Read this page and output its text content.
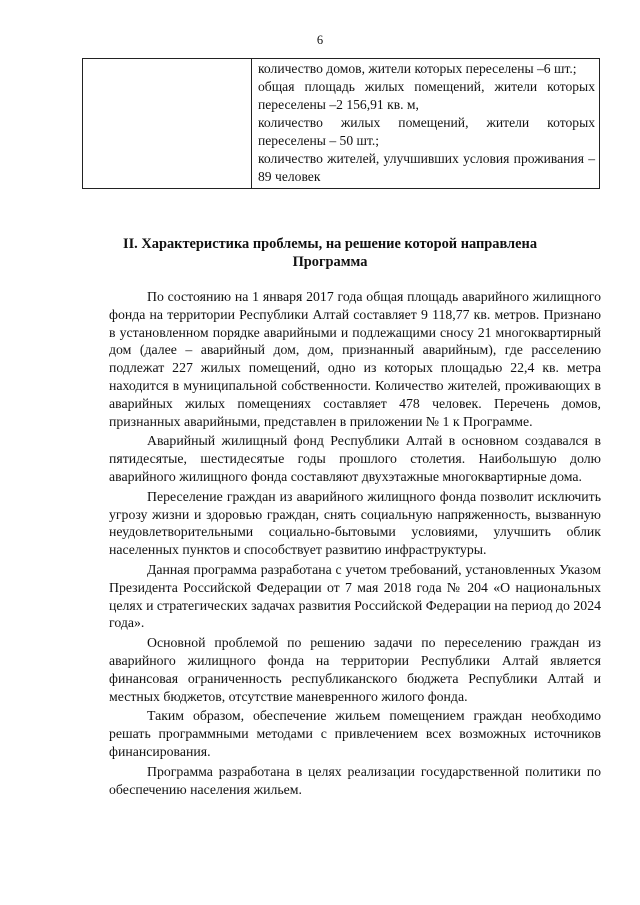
6

количество домов, жители которых переселены –6 шт.;
общая площадь жилых помещений, жители которых переселены –2 156,91 кв. м,
количество жилых помещений, жители которых переселены – 50 шт.;
количество жителей, улучшивших условия проживания –89 человек
II. Характеристика проблемы, на решение которой направлена Программа

По состоянию на 1 января 2017 года общая площадь аварийного жилищного фонда на территории Республики Алтай составляет 9 118,77 кв. метров. Признано в установленном порядке аварийными и подлежащими сносу 21 многоквартирный дом (далее – аварийный дом, дом, признанный аварийным), где расселению подлежат 227 жилых помещений, одно из которых площадью 22,4 кв. метра находится в муниципальной собственности. Количество жителей, проживающих в аварийных жилых помещениях составляет 478 человек. Перечень домов, признанных аварийными, представлен в приложении № 1 к Программе.

Аварийный жилищный фонд Республики Алтай в основном создавался в пятидесятые, шестидесятые годы прошлого столетия. Наибольшую долю аварийного жилищного фонда составляют двухэтажные многоквартирные дома.

Переселение граждан из аварийного жилищного фонда позволит исключить угрозу жизни и здоровью граждан, снять социальную напряженность, вызванную неудовлетворительными социально-бытовыми условиями, улучшить облик населенных пунктов и способствует развитию инфраструктуры.

Данная программа разработана с учетом требований, установленных Указом Президента Российской Федерации от 7 мая 2018 года № 204 «О национальных целях и стратегических задачах развития Российской Федерации на период до 2024 года».

Основной проблемой по решению задачи по переселению граждан из аварийного жилищного фонда на территории Республики Алтай является финансовая ограниченность республиканского бюджета Республики Алтай и местных бюджетов, отсутствие маневренного жилого фонда.

Таким образом, обеспечение жильем помещением граждан необходимо решать программными методами с привлечением всех возможных источников финансирования.

Программа разработана в целях реализации государственной политики по обеспечению населения жильем.
